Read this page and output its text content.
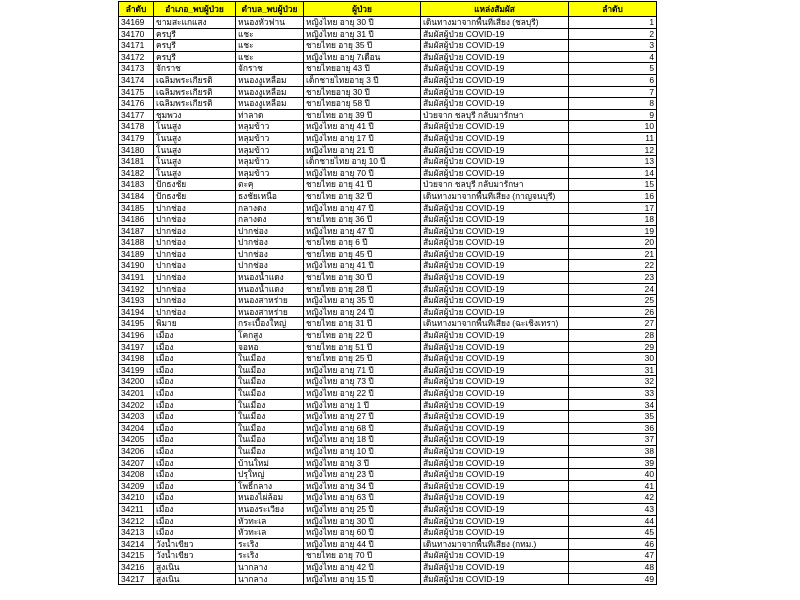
ลำดับ	อำเภอ_พบผู้ป่วย	ตำบล_พบผู้ป่วย	ผู้ป่วย	แหล่งสัมผัส	ลำดับ
34169	ขามสะแกแสง	หนองหัวฟาน	หญิงไทย อายุ 30 ปี	เดินทางมาจากพื้นที่เสี่ยง (ชลบุรี)	1
34170	ครบุรี	แชะ	หญิงไทย อายุ 31 ปี	สัมผัสผู้ป่วย COVID-19	2
34171	ครบุรี	แชะ	ชายไทย อายุ 35 ปี	สัมผัสผู้ป่วย COVID-19	3
34172	ครบุรี	แชะ	หญิงไทย อายุ 7เดือน	สัมผัสผู้ป่วย COVID-19	4
34173	จักราช	จักราช	ชายไทยอายุ 43 ปี	สัมผัสผู้ป่วย COVID-19	5
34174	เฉลิมพระเกียรติ	หนองงูเหลือม	เด็กชายไทยอายุ 3 ปี	สัมผัสผู้ป่วย COVID-19	6
34175	เฉลิมพระเกียรติ	หนองงูเหลือม	ชายไทยอายุ 30 ปี	สัมผัสผู้ป่วย COVID-19	7
34176	เฉลิมพระเกียรติ	หนองงูเหลือม	ชายไทยอายุ 58 ปี	สัมผัสผู้ป่วย COVID-19	8
34177	ชุมพวง	ท่าลาด	ชายไทย อายุ 39 ปี	ป่วยจาก ชลบุรี กลับมารักษา	9
34178	โนนสูง	หลุมข้าว	หญิงไทย อายุ 41 ปี	สัมผัสผู้ป่วย COVID-19	10
34179	โนนสูง	หลุมข้าว	หญิงไทย อายุ 17 ปี	สัมผัสผู้ป่วย COVID-19	11
34180	โนนสูง	หลุมข้าว	หญิงไทย อายุ 21 ปี	สัมผัสผู้ป่วย COVID-19	12
34181	โนนสูง	หลุมข้าว	เด็กชายไทย อายุ 10 ปี	สัมผัสผู้ป่วย COVID-19	13
34182	โนนสูง	หลุมข้าว	หญิงไทย อายุ 70 ปี	สัมผัสผู้ป่วย COVID-19	14
34183	ปักธงชัย	ตะคุ	ชายไทย อายุ 41 ปี	ป่วยจาก ชลบุรี กลับมารักษา	15
34184	ปักธงชัย	ธงชัยเหนือ	ชายไทย อายุ 32 ปี	เดินทางมาจากพื้นที่เสี่ยง (กาญจนบุรี)	16
34185	ปากช่อง	กลางดง	หญิงไทย อายุ 47 ปี	สัมผัสผู้ป่วย COVID-19	17
34186	ปากช่อง	กลางดง	ชายไทย อายุ 36 ปี	สัมผัสผู้ป่วย COVID-19	18
34187	ปากช่อง	ปากช่อง	หญิงไทย อายุ 47 ปี	สัมผัสผู้ป่วย COVID-19	19
34188	ปากช่อง	ปากช่อง	ชายไทย อายุ 6 ปี	สัมผัสผู้ป่วย COVID-19	20
34189	ปากช่อง	ปากช่อง	ชายไทย อายุ 45 ปี	สัมผัสผู้ป่วย COVID-19	21
34190	ปากช่อง	ปากช่อง	หญิงไทย อายุ 41 ปี	สัมผัสผู้ป่วย COVID-19	22
34191	ปากช่อง	หนองน้ำแดง	ชายไทย อายุ 30 ปี	สัมผัสผู้ป่วย COVID-19	23
34192	ปากช่อง	หนองน้ำแดง	ชายไทย อายุ 28 ปี	สัมผัสผู้ป่วย COVID-19	24
34193	ปากช่อง	หนองสาหร่าย	หญิงไทย อายุ 35 ปี	สัมผัสผู้ป่วย COVID-19	25
34194	ปากช่อง	หนองสาหร่าย	หญิงไทย อายุ 24 ปี	สัมผัสผู้ป่วย COVID-19	26
34195	พิมาย	กระเบื้องใหญ่	ชายไทย อายุ 31 ปี	เดินทางมาจากพื้นที่เสี่ยง (ฉะเชิงเทรา)	27
34196	เมือง	โคกสูง	ชายไทย อายุ 22 ปี	สัมผัสผู้ป่วย COVID-19	28
34197	เมือง	จอหอ	ชายไทย อายุ 51 ปี	สัมผัสผู้ป่วย COVID-19	29
34198	เมือง	ในเมือง	ชายไทย อายุ 25 ปี	สัมผัสผู้ป่วย COVID-19	30
34199	เมือง	ในเมือง	หญิงไทย อายุ 71 ปี	สัมผัสผู้ป่วย COVID-19	31
34200	เมือง	ในเมือง	หญิงไทย อายุ 73 ปี	สัมผัสผู้ป่วย COVID-19	32
34201	เมือง	ในเมือง	หญิงไทย อายุ 22 ปี	สัมผัสผู้ป่วย COVID-19	33
34202	เมือง	ในเมือง	หญิงไทย อายุ 1 ปี	สัมผัสผู้ป่วย COVID-19	34
34203	เมือง	ในเมือง	หญิงไทย อายุ 27 ปี	สัมผัสผู้ป่วย COVID-19	35
34204	เมือง	ในเมือง	หญิงไทย อายุ 68 ปี	สัมผัสผู้ป่วย COVID-19	36
34205	เมือง	ในเมือง	หญิงไทย อายุ 18 ปี	สัมผัสผู้ป่วย COVID-19	37
34206	เมือง	ในเมือง	หญิงไทย อายุ 10 ปี	สัมผัสผู้ป่วย COVID-19	38
34207	เมือง	บ้านใหม่	หญิงไทย อายุ 3 ปี	สัมผัสผู้ป่วย COVID-19	39
34208	เมือง	ปรุใหญ่	หญิงไทย อายุ 23 ปี	สัมผัสผู้ป่วย COVID-19	40
34209	เมือง	โพธิ์กลาง	หญิงไทย อายุ 34 ปี	สัมผัสผู้ป่วย COVID-19	41
34210	เมือง	หนองไผ่ล้อม	หญิงไทย อายุ 63 ปี	สัมผัสผู้ป่วย COVID-19	42
34211	เมือง	หนองระเวียง	หญิงไทย อายุ 25 ปี	สัมผัสผู้ป่วย COVID-19	43
34212	เมือง	หัวทะเล	หญิงไทย อายุ 30 ปี	สัมผัสผู้ป่วย COVID-19	44
34213	เมือง	หัวทะเล	หญิงไทย อายุ 60 ปี	สัมผัสผู้ป่วย COVID-19	45
34214	วังน้ำเขียว	ระเริง	หญิงไทย อายุ 44 ปี	เดินทางมาจากพื้นที่เสี่ยง (กทม.)	46
34215	วังน้ำเขียว	ระเริง	ชายไทย อายุ 70 ปี	สัมผัสผู้ป่วย COVID-19	47
34216	สูงเนิน	นากลาง	หญิงไทย อายุ 42 ปี	สัมผัสผู้ป่วย COVID-19	48
34217	สูงเนิน	นากลาง	หญิงไทย อายุ 15 ปี	สัมผัสผู้ป่วย COVID-19	49
